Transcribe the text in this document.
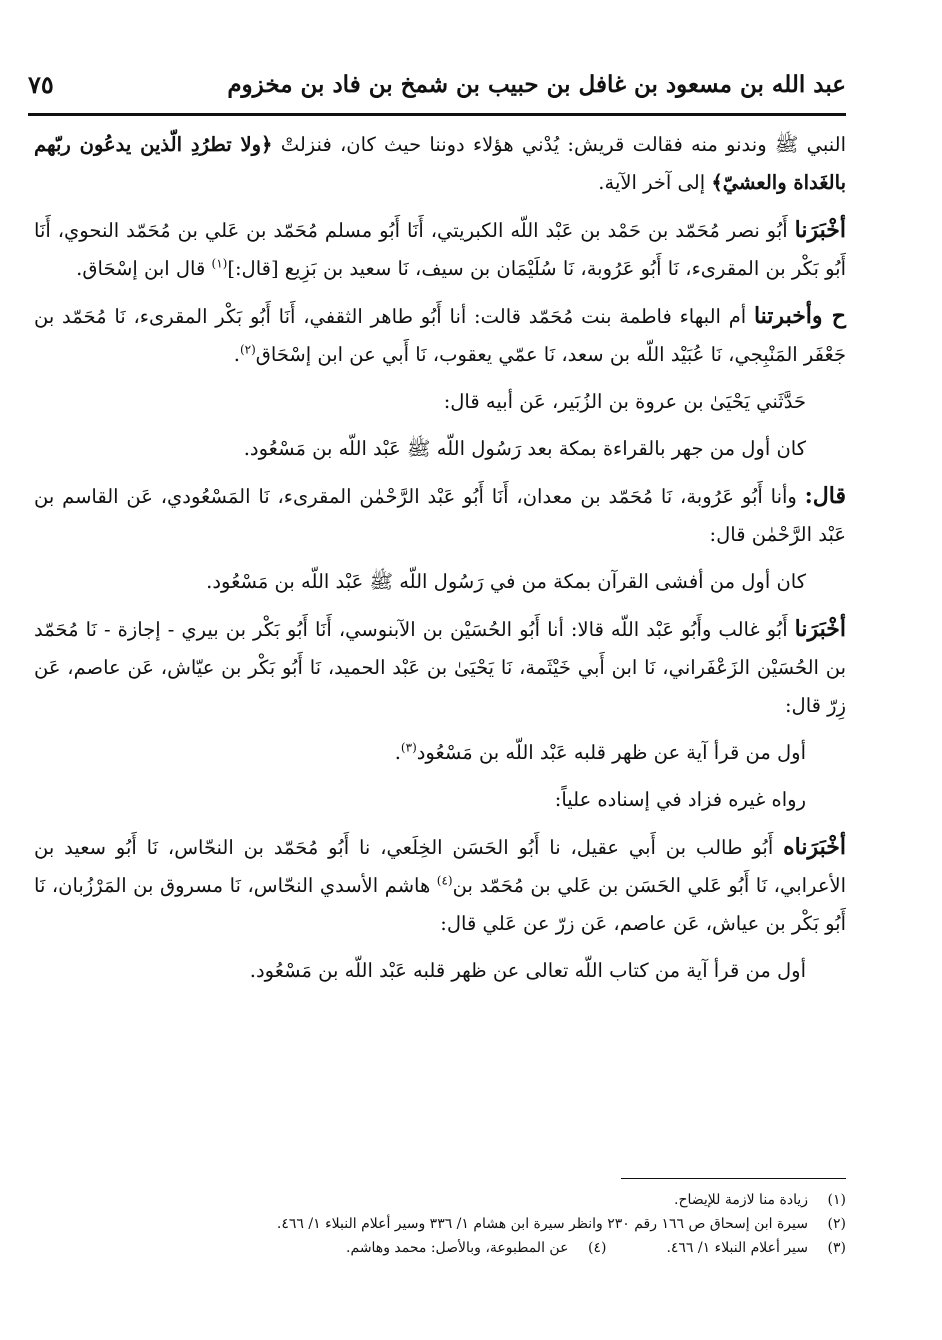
عبد الله بن مسعود بن غافل بن حبيب بن شمخ بن فاد بن مخزوم
٧٥

النبي ﷺ وندنو منه فقالت قريش: يُدْني هؤلاء دوننا حيث كان، فنزلتْ ﴿ولا تطرُدِ الّذين يدعُون ربّهم بالغَداة والعشيّ﴾ إلى آخر الآية.

أخْبَرَنا أَبُو نصر مُحَمّد بن حَمْد بن عَبْد اللّه الكبريتي، أَنَا أَبُو مسلم مُحَمّد بن عَلي بن مُحَمّد النحوي، أَنَا أَبُو بَكْر بن المقرىء، نَا أَبُو عَرُوبة، نَا سُلَيْمَان بن سيف، نَا سعيد بن بَزِيع [قال:]$^{(١)}$ قال ابن إسْحَاق.

ح وأخبرتنا أم البهاء فاطمة بنت مُحَمّد قالت: أنا أَبُو طاهر الثقفي، أَنَا أَبُو بَكْر المقرىء، نَا مُحَمّد بن جَعْفَر المَنْبِجي، نَا عُبَيْد اللّه بن سعد، نَا عمّي يعقوب، نَا أَبي عن ابن إسْحَاق$^{(٢)}$.

حَدَّثَني يَحْيَىٰ بن عروة بن الزُبَير، عَن أبيه قال:

كان أول من جهر بالقراءة بمكة بعد رَسُول اللّه ﷺ عَبْد اللّه بن مَسْعُود.

قال: وأنا أَبُو عَرُوبة، نَا مُحَمّد بن معدان، أَنَا أَبُو عَبْد الرَّحْمٰن المقرىء، نَا المَسْعُودي، عَن القاسم بن عَبْد الرَّحْمٰن قال:

كان أول من أفشى القرآن بمكة من في رَسُول اللّه ﷺ عَبْد اللّه بن مَسْعُود.

أخْبَرَنا أَبُو غالب وأَبُو عَبْد اللّه قالا: أنا أَبُو الحُسَيْن بن الآبنوسي، أَنَا أَبُو بَكْر بن بيري - إجازة - نَا مُحَمّد بن الحُسَيْن الزَعْفَراني، نَا ابن أَبي خَيْثَمة، نَا يَحْيَىٰ بن عَبْد الحميد، نَا أَبُو بَكْر بن عيّاش، عَن عاصم، عَن زِرّ قال:

أول من قرأ آية عن ظهر قلبه عَبْد اللّه بن مَسْعُود$^{(٣)}$.

رواه غيره فزاد في إسناده علياً:

أخْبَرَناه أَبُو طالب بن أَبي عقيل، نا أَبُو الحَسَن الخِلَعي، نا أَبُو مُحَمّد بن النحّاس، نَا أَبُو سعيد بن الأعرابي، نَا أَبُو عَلي الحَسَن بن عَلي بن مُحَمّد بن$^{(٤)}$ هاشم الأسدي النحّاس، نَا مسروق بن المَرْزُبان، نَا أَبُو بَكْر بن عياش، عَن عاصم، عَن زرّ عن عَلي قال:

أول من قرأ آية من كتاب اللّه تعالى عن ظهر قلبه عَبْد اللّه بن مَسْعُود.

(١)زيادة منا لازمة للإيضاح.
(٢)سيرة ابن إسحاق ص ١٦٦ رقم ٢٣٠ وانظر سيرة ابن هشام ١/ ٣٣٦ وسير أعلام النبلاء ١/ ٤٦٦.
(٣)سير أعلام النبلاء ١/ ٤٦٦.(٤)عن المطبوعة، وبالأصل: محمد وهاشم.
